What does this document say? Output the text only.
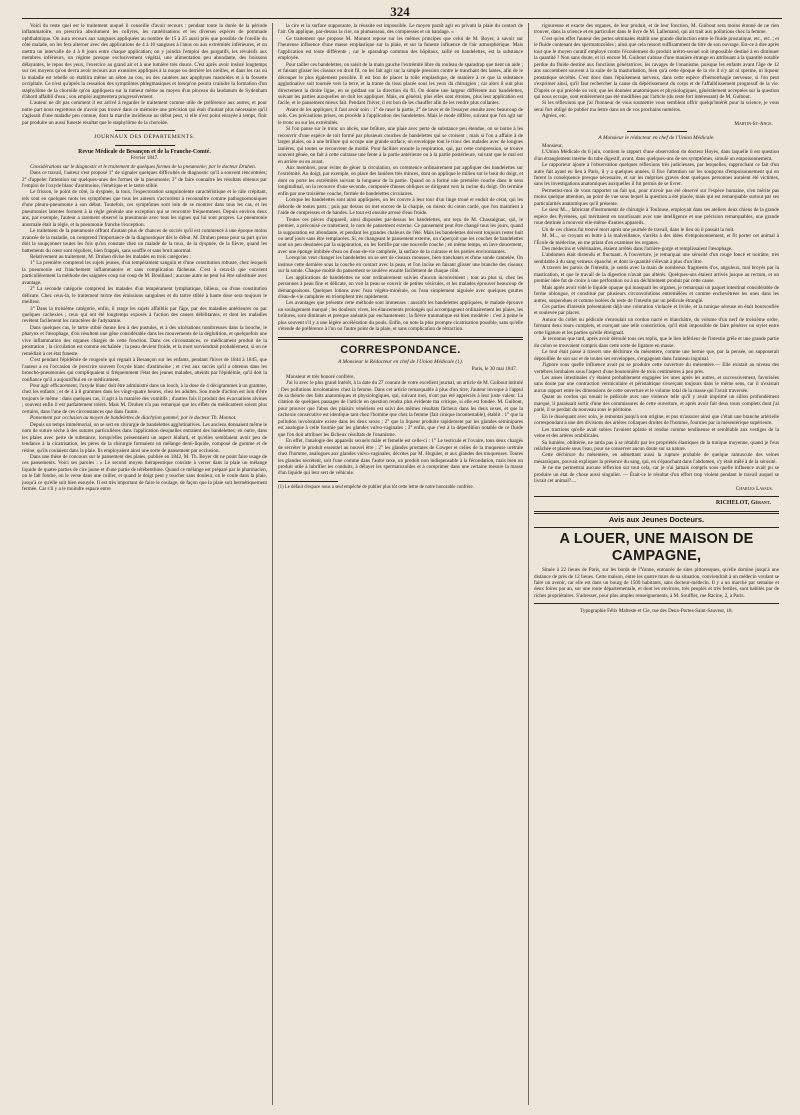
324

Voici du reste quel est le traitement auquel il conseille d'avoir recours : pendant toute la durée de la période inflammatoire, on prescrira absolument les collyres, les cautérisations et les diverses espèces de pommade ophthalmique. On aura recours aux sangsues appliquées au nombre de 15 à 25 aussi près que possible de l'oreille du côté malade, on les fera alterner avec des applications de 4 à 10 sangsues à l'anus ou aux extrémités inférieures, et on mettra un intervalle de 4 à 8 jours entre chaque application; on y joindra l'emploi des purgatifs, les révulsifs aux membres inférieurs, un régime presque exclusivement végétal, une alimentation peu abondante, des boissons délayantes, le repos des yeux, l'exercice au grand air et à une lumière très douce. C'est après avoir insisté longtemps sur ces moyens qu'on devra avoir recours aux exutoires appliqués à la nuque ou derrière les oreilles, et dans les cas où la maladie est rebelle on établira même un séton au cou, ou des cautères aux apophyses mastoïdes et à la fossette occipitale. Ce n'est qu'après la cessation des symptômes phlegmasiques et lorsqu'on pourra craindre la formation d'un staphylôme de la choroïde qu'on appliquera sur la tumeur même au moyen d'un pinceau du laudanum de Sydenham d'abord affaibli d'eau ; son emploi augmentera progressivement.

L'auteur ne dit pas comment il est arrivé à regarder le traitement comme utile de préférence aux autres, et pour notre part nous regrettons de n'avoir pas trouvé dans ce mémoire une précision qui était d'autant plus nécessaire qu'il s'agissait d'une maladie peu connue, dont la marche insidieuse au début peut, si elle n'est point enrayée à temps, finir par produire un aussi funeste résultat que le staphylôme de la choroïde.

JOURNAUX DES DÉPARTEMENTS.

Revue Médicale de Besançon et de la Franche-Comté.

Février 1847.

Considérations sur le diagnostic et le traitement de quelques formes de la pneumonie; par le docteur Druhen.

Dans ce travail, l'auteur s'est proposé 1° de signaler quelques difficultés de diagnostic qu'il a souvent rencontrées; 2° d'appeler l'attention sur quelques-unes des formes de la pneumonie; 3° de faire connaître les résultats obtenus par l'emploi de l'oxyde blanc d'antimoine, l'émétique et le tartre stibié.

Le frisson, le point de côté, la dyspnée, la toux, l'expectoration sanguinolente caractéristique et le râle crépitant, tels sont en quelques mots les symptômes que tous les auteurs s'accordent à reconnaître comme pathognomoniques d'une pleuro-pneumonie à son début. Toutefois, ces symptômes sont loin de se montrer dans tous les cas, et les pneumonies latentes forment à la règle générale une exception qui se rencontre fréquemment. Depuis environ deux ans, par exemple, l'auteur a rarement observé la pneumonie avec tous les signes qui lui sont propres. La pneumonie anormale était la règle, et la pneumonie franche l'exception.

Le traitement de la pneumonie offrant d'autant plus de chances de succès qu'il est commencé à une époque moins avancée de la maladie, on comprend l'importance de la diagnostiquer dès le début. M. Druhen pense pour sa part qu'on doit la soupçonner toutes les fois qu'on constate chez un malade de la toux, de la dyspnée, de la fièvre, quand les battements du cœur sont réguliers, bien frappés, sans souffle et sans bruit anormal.

Relativement au traitement, M. Druhen divise les malades en trois catégories :

1° La première comprend les sujets jeunes, d'un tempérament sanguin et d'une constitution robuste, chez lesquels la pneumonie est franchement inflammatoire et sans complication fâcheuse. C'est à ceux-là que convient particulièrement la méthode des saignées coup sur coup de M. Bouillaud ; aucune autre ne peut lui être substituée avec avantage.

2° La seconde catégorie comprend les malades d'un tempérament lymphatique, bilieux, ou d'une constitution délicate. Chez ceux-là, le traitement mixte des émissions sanguines et du tartre stibié à haute dose sera toujours le meilleur.

3° Dans la troisième catégorie, enfin, il range les sujets affaiblis par l'âge, par des maladies antérieures ou par quelques cachexies ; ceux qui ont été longtemps exposés à l'action des causes débilitantes, et dont les maladies revêtent facilement les caractères de l'adynamie.

Dans quelques cas, le tartre stibié donne lieu à des pustules, et à des ulcérations nombreuses dans la bouche, le pharynx et l'œsophage, d'où résultent une gêne considérable dans les mouvements de la déglutition, et quelquefois une vive inflammation des organes chargés de cette fonction. Dans ces circonstances, ce médicament produit de la prostration ; la circulation est comme enchaînée ; la peau devient froide, et la mort surviendrait probablement, si on ne remédiait à cet état funeste.

C'est pendant l'épidémie de rougeole qui régnait à Besançon sur les enfants, pendant l'hiver de 1844 à 1845, que l'auteur a eu l'occasion de prescrire souvent l'oxyde blanc d'antimoine ; et c'est aux succès qu'il a obtenus dans les broncho-pneumonies qui compliquaient si fréquemment l'état des jeunes malades, atteints par l'épidémie, qu'il doit la confiance qu'il a aujourd'hui en ce médicament.

Pour agir efficacement, l'oxyde blanc doit être administré dans un looch, à la dose de 4 décigrammes à un gramme, chez les enfants ; et de 4 à 8 grammes dans les vingt-quatre heures, chez les adultes. Son mode d'action est loin d'être toujours le même : dans quelques cas, il agit à la manière des vomitifs ; d'autres fois il produit des évacuations alvines ; souvent enfin il est parfaitement toléré. Mais M. Druhen n'a pas remarqué que les effets du médicament soient plus certains, dans l'une de ces circonstances que dans l'autre.

Pansement par occlusion au moyen de bandelettes de diachylon gommé; par le docteur Th. Monnot.

Depuis un temps immémorial, on se sert en chirurgie de bandelettes agglutinatives. Les anciens donnaient même le nom de suture sèche à des sutures particulières dans l'application desquelles entraient des bandelettes; en outre, dans les plaies avec perte de substance, lorsqu'elles présentaient un aspect blafard, et qu'elles semblaient avoir peu de tendance à la cicatrisation, les pères de la chirurgie formaient un mélange demi-liquide, composé de gomme et de résine, qu'ils coulaient dans la plaie. Ils employaient ainsi une sorte de pansement par occlusion.

Dans une thèse de concours sur le pansement des plaies, publiée en 1842, M. Th. Boyer dit ne point faire usage de ces pansements. Voici ses paroles : « Le second moyen thérapeutique consiste à verser dans la plaie un mélange liquide de quatre parties de cire jaune et d'une partie de térébenthine. Quand ce mélange est préparé par le pharmacien, on le fait fondre, on le verse dans une cuiller, et quand le doigt peut y toucher sans douleur, on le coule dans la plaie, jusqu'à ce qu'elle soit bien essuyée. Il est très important de faire le coulage, de façon que la plaie soit hermétiquement fermée. Car s'il y a le moindre espace entre

la cire et la surface suppurante, la réussite est impossible. Le moyen paraît agir en privant la plaie du contact de l'air. On applique, par-dessus la cire, un plumasseau, des compresses et un bandage. »

Ce traitement que propose M. Monnot repose sur les mêmes principes que celui de M. Boyer, à savoir sur l'heureuse influence d'une masse emplastique sur la plaie, et sur la funeste influence de l'air atmosphérique. Mais l'application est toute différente ; car le sparadrap commun des hôpitaux, taillé en bandelettes, est la substance employée.

Pour tailler ces bandelettes, on saisit de la main gauche l'extrémité libre du rouleau de sparadrap que tient un aide ; et faisant glisser les ciseaux en droit fil, on les fait agir sur la simple pression contre le tranchant des lames, afin de le découper le plus également possible. Il est bon de placer la toile emplastique, de manière à ce que la substance agglutinative soit tournée vers la terre, et la trame du tissu placée sous les yeux du chirurgien ; car alors il suit plus directement la droite ligne, en se guidant sur la direction du fil. On donne une largeur différente aux bandelettes, suivant les parties auxquelles on doit les appliquer. Mais, en général, plus elles sont étroites, plus leur application est facile, et le pansement mieux fait. Pendant l'hiver, il est bon de les chauffer afin de les rendre plus collantes.

Avant de les appliquer, il faut avoir soin : 1° de raser la partie, 2° de laver et de l'essuyer ensuite avec beaucoup de soin. Ces précautions prises, on procède à l'application des bandelettes. Mais le mode diffère, suivant que l'on agit sur le tronc ou sur les extrémités.

Si l'on panse sur le tronc un abcès, une brûlure, une plaie avec perte de substance peu étendue, on se borne à les recouvrir d'une espèce de toit formé par plusieurs couches de bandelettes qui se croisent ; mais si l'on a affaire à de larges plaies, ou à une brûlure qui occupe une grande surface, on enveloppe tout le tronc des malades avec de longues lanières, qui toutes se recouvrent de moitié. Pour faciliter ensuite la respiration, qui, par cette compression, se trouve souvent gênée, on fait à cette cuirasse une fente à la partie antérieure ou à la partie postérieure, suivant que le mal est en arrière ou en avant.

Aux membres, pour éviter de gêner la circulation, on commence ordinairement par appliquer des bandelettes sur l'extrémité. Au doigt, par exemple, on place des lanières très minces, dont on applique le milieu sur le bout du doigt, et dont on porte les extrémités suivant la longueur de la partie. Quand on a formé une première couche dans le sens longitudinal, on la recouvre d'une seconde, composée d'anses obliques se dirigeant vers la racine du doigt. On termine enfin par une troisième couche, formée de bandelettes circulaires.

Lorsque les bandelettes sont ainsi appliquées, on les couvre à leur tour d'un linge troué et enduit de cérat, qui les déborde de toutes parts ; puis par dessus on met encore de la charpie, ou mieux du coton cardé, que l'on maintient à l'aide de compresses et de bandes. Le tout est ensuite arrosé d'eau froide.

Toutes ces pièces d'appareil, ainsi disposées par-dessus les bandelettes, ont reçu de M. Chassaignac, qui, le premier, a préconisé ce traitement, le nom de pansement externe. Ce pansement peut être changé tous les jours, quand la suppuration est abondante, et pendant les grandes chaleurs de l'été. Mais les bandelettes doivent toujours rester huit ou neuf jours sans être remplacées. Si, en changeant le pansement externe, on s'aperçoit que les couches de bandelettes sont un peu dessinées par la suppuration, on les fortifie par une nouvelle couche ; en même temps, on lave doucement, avec une éponge imbibée d'eau ou d'eau-de-vie camphrée, la surface de la cuirasse et les parties environnantes.

Lorsqu'on veut changer les bandelettes on se sert de ciseaux mousses, bien tranchants et d'une sonde cannelée. On insinue cette dernière sous la couche en contact avec la peau, et l'on incise en faisant glisser une branche des ciseaux sur la sonde. Chaque moitié du pansement se soulève ensuite facilement de chaque côté.

Les applications de bandelettes ne sont ordinairement suivies d'aucun inconvénient ; tout au plus si, chez les personnes à peau fine et délicate, on voit la peau se couvrir de petites vésicules, et les malades éprouver beaucoup de démangeaisons. Quelques lotions avec l'eau végéto-minérale, ou l'eau simplement aiguisée avec quelques gouttes d'eau-de-vie camphrée en triomphent très rapidement.

Les avantages que présente cette méthode sont immenses : aussitôt les bandelettes appliquées, le malade éprouve un soulagement marqué ; les douleurs vives, les élancements prolongés qui accompagnent ordinairement les plaies, les brûlures, sont diminués et presque anéantis par enchantement ; la fièvre traumatique est bien modérée : c'est à peine le plus souvent s'il y a une légère accélération du pouls. Enfin, on note la plus prompte cicatrisation possible, sans qu'elle s'étende de préférence à l'un ou l'autre point de la plaie, et sans complication de rétraction.

CORRESPONDANCE.

A Monsieur le Rédacteur en chef de l'Union Médicale (1).

Paris, le 30 mai 1847.

Monsieur et très honoré confrère,

J'ai lu avec le plus grand intérêt, à la date du 27 courant de votre excellent journal, un article de M. Guibout intitulé : Des pollutions involontaires chez la femme. Dans cet article remarquable à plus d'un titre, l'auteur invoque à l'appui de sa théorie des faits anatomiques et physiologiques, qui, suivant moi, n'ont pas été appréciés à leur juste valeur. La citation de quelques passages de l'article en question rendra plus évidente ma critique, si elle est fondée. M. Guibout, pour prouver que l'abus des plaisirs vénériens est suivi des mêmes résultats fâcheux dans les deux sexes, et que la cachexie consécutive est identique tant chez l'homme que chez la femme (fait cinique incontestable), établit : 1° que la pollution involontaire existe dans les deux sexes ; 2° que la liqueur produite rapidement par les glandes séminipares est analogue à celle fournie par les glandes vulvo-vaginales ; 3° enfin, que c'est à la déperdition notable de ce fluide que l'on doit attribuer les fâcheux résultats de l'onanisme.

En effet, l'analogie des appareils sexuels mâle et femelle est celle-ci : 1° Le testicule et l'ovaire, tous deux chargés de sécréter le produit essentiel au nouvel être ; 2° les glandes prostates de Cowper et celles de la muqueuse urétrale chez l'homme, analogues aux glandes vulvo-vaginales, décrites par M. Huguier, et aux glandes des muqueuses. Toutes les glandes sécrètent, soit l'une comme dans l'autre sexe, un produit non indispensable à la fécondation, mais bien un produit utile à lubrifier les conduits, à délayer les spermatozoïdes et à comprimer dans une certaine mesure la masse d'un liquide qui leur sert de véhicule.

(1) Le défaut d'espace nous a seul empêché de publier plus tôt cette lettre de notre honorable confrère.

rigoureuse et exacte des organes, de leur produit, et de leur fonction, M. Guibout sera moins étonné de ne rien trouver, dans la science et en particulier dans le livre de M. Lallemand, qui ait trait aux pollutions chez la femme.

C'est qu'en effet l'auteur des pertes séminales établit une grande distinction entre le fluide prostatique, etc., etc. ; et le fluide contenant des spermatozoïdes ; ainsi que cela ressort suffisamment du titre de son ouvrage. Est-ce à dire après tout que le moyen curatif employé contre l'écoulement du produit urétro-sexuel soit impossible destiné à en diminuer la quantité ? Non sans doute, et ici encore M. Guibout s'abuse d'une manière étrange en attribuant à la quantité notable perdue du fluide destiné aux fonctions génératrices, les ravages de l'onanisme, puisque les enfants avant l'âge de 12 ans succombent souvent à la suite de la masturbation, bien qu'à cette époque de la vie il n'y ait ni sperme, ni liqueur prostatique sécrétés. C'est donc dans l'épuisement nerveux, dans cette espèce d'hémorrhagie nerveuse, si l'on peut s'exprimer ainsi, qu'il faut rechercher la cause du dépérissement du corps et de l'affaiblissement progressif de la vie. D'après ce qui précède on voit, que les données anatomiques et physiologiques, généralement acceptées sur la question qui nous occupe, sont entièrement pas été modifiées par l'article (du reste fort intéressant) de M. Guibout.

Si les réflexions que j'ai l'honneur de vous soumettre vous semblent offrir quelqu'intérêt pour la science, je vous serai fort obligé de publier ma lettre dans un de vos prochains numéros.

Agréez, etc.

Martin-St-Ange.

A Monsieur le rédacteur en chef de l'Union Médicale.

Monsieur,

L'Union Médicale du 6 juin, contient le rapport d'une observation du docteur Hoyès, dans laquelle il est question d'un étranglement interne du tube digestif, avant, dans quelques-uns de ses symptômes, simulé un empoisonnement.

Le rapporteur ajoute à l'observation quelques réflexions très judicieuses, par lesquelles, rapprochant ce fait d'un autre fait ayant eu lieu à Paris, il y a quelques années, il fixe l'attention sur les soupçons d'empoisonnement qui en furent la conséquence presque nécessaire, et sur les méprises graves dont quelques personnes auraient été victimes, sans les investigations anatomiques auxquelles il fut permis de se livrer.

Permettez-moi de vous rapporter un fait qui, pour n'avoir pas été observé sur l'espèce humaine, n'en mérite pas moins quelque attention, au point de vue sous lequel la question a été placée, mais qui est remarquable surtout par ses particularités anatomiques qu'il présente.

Le sieur M..., fabricant d'instruments de chirurgie à Toulouse, employait dans ses ateliers deux chiens de la grande espèce des Pyrénées, qui méritaient en nourrissant avec une intelligence et une précision remarquables, une grande roue destinée à mouvoir elle-même d'autres appareils.

Un de ces chiens fut trouvé mort après une journée de travail, dans le lieu où il passait la nuit.

M. M..., se croyant en butte à la malveillance, s'arrêta à des idées d'empoisonnement, et fit porter cet animal à l'École de médecine, en me priant d'en examiner les organes.

Des médecins et vétérinaires, étaient arrêtés dans l'arrière-gorge et remplissaient l'œsophage.

L'abdomen était distendu et fluctuant. A l'ouverture, je remarquai une sérosité d'un rouge foncé et noirâtre, très semblable à du sang veineux épanché, et dont la quantité s'élevait à plus d'un litre.

A travers les parois de l'intestin, je sentis avec la main de nombreux fragments d'os, anguleux, mal broyés par la mastication, et que le travail de la digestion n'avait pas altérés. Quelques-uns étaient arrivés jusque au rectum, et un premier idée fut de croire à une perforation ou à un déchirement produit par cette cause.

Mais après avoir vidé le liquide opaque qui masquait les organes, je remarquai un paquet intestinal considérable de forme oblongue, et constitué par plusieurs circonvolutions entremêlées et comme enchevêtrées les unes dans les autres, suspendues et comme isolées du reste de l'intestin par un pédicule étranglé.

Ces parties d'intestin présentaient déjà une coloration violacée et livide, et la tunique séreuse en était boursouflée et soulevée par places.

Autour du collet ou pédicule s'enroulait un cordon nacré et blanchâtre, du volume d'un nerf de troisième ordre, formant deux tours complets, et exerçant une telle constriction, qu'il était impossible de faire pénétrer un stylet entre cette ligature et les parties qu'elle étreignait.

Je reconnus que tard, après avoir déroulé tous ces replis, que le lien inférieur de l'intestin grêle et une grande partie du colon se trouvaient compris dans cette sorte de ligature en masse.

Le tout était passé à travers une déchirure du mésentère, comme une hernie que, par la pensée, on supposerait dépouillée de son sac et de toutes ses enveloppes, s'engageant dans l'anneau inguinal.

J'ignore sous quelle influence avait pu se produire cette ouverture du mésentère.— Elle existait au niveau des vertèbres lombaires sous l'aspect d'une boutonnière de trois centimètres à peu près.

Les anses intestinales s'y étaient probablement engagées les unes après les autres, et successivement, favorisées sans doute par une contraction vermiculaire et péristaltique s'exerçant toujours dans le même sens, car il n'existait aucun rapport entre les dimensions de cette ouverture et le volume total de la masse qui l'avait traversée.

Quant au cordon qui nouait le pédicule avec une violence telle qu'il y avait imprimé un sillon profondément marqué, il paraissait sortir d'une des commissures de cette ouverture, et après avoir fait deux tours complets dont j'ai parlé, il se perdait du nouveau sous le péritoine.

En le disséquant avec soin, je remontai jusqu'à son origine, et pus m'assurer ainsi que c'était une branche artérielle correspondant à une des divisions des artères coliaques droites de l'homme, fournies par la mésentérique supérieure.

Les tractions qu'elle avait subies l'avaient aplatie et rendue comme tendineuse et semblable aux vestiges de la veine et des artères ombilicales.

Sa lumière, oblitérée, ne tarda pas à se rétablir par les propriétés élastiques de la tunique moyenne, quand je l'eus relâchée et placée sous l'eau, pour ne conserver aucun doute sur sa nature.

Cette déchirure du mésentère, en admettant aussi la rupture probable de quelque ramuscule des veines mésaraïques, pouvait expliquer la présence du sang, qui, en s'épanchant dans l'abdomen, s'y était mêlé à de la sérosité.

Je ne me permettrai aucune réflexion sur tout cela, car je n'ai jamais compris sous quelle influence avait pu se produire un état de chose aussi singulier. — Était-ce le résultat d'un effort trop violent pendant le travail auquel se livrait cet animal?....

Charles Lassus.

RICHELOT, Gérant.

Avis aux Jeunes Docteurs.

A LOUER, UNE MAISON DE CAMPAGNE,

Située à 22 lieues de Paris, sur les bords de l'Yonne, entourée de sites pittoresques, qu'elle domine jusqu'à une distance de près de 12 lieues. Cette maison, entre les quatre murs de sa situation, conviendrait à un médecin voulant se faire un avenir, car elle est dans un bourg de 1500 habitants, sans docteur-médecin. Il y a un marché par semaine et deux foires par an, sur une route départementale, et dont les environs, très peuplés et très fertiles, sont habités par de riches propriétaires. S'adresser, pour plus amples renseignements, à M. Souffler, rue Racine, 2, à Paris.

Typographie Félix Malteste et Cie, rue des Deux-Portes-Saint-Sauveur, 18.
